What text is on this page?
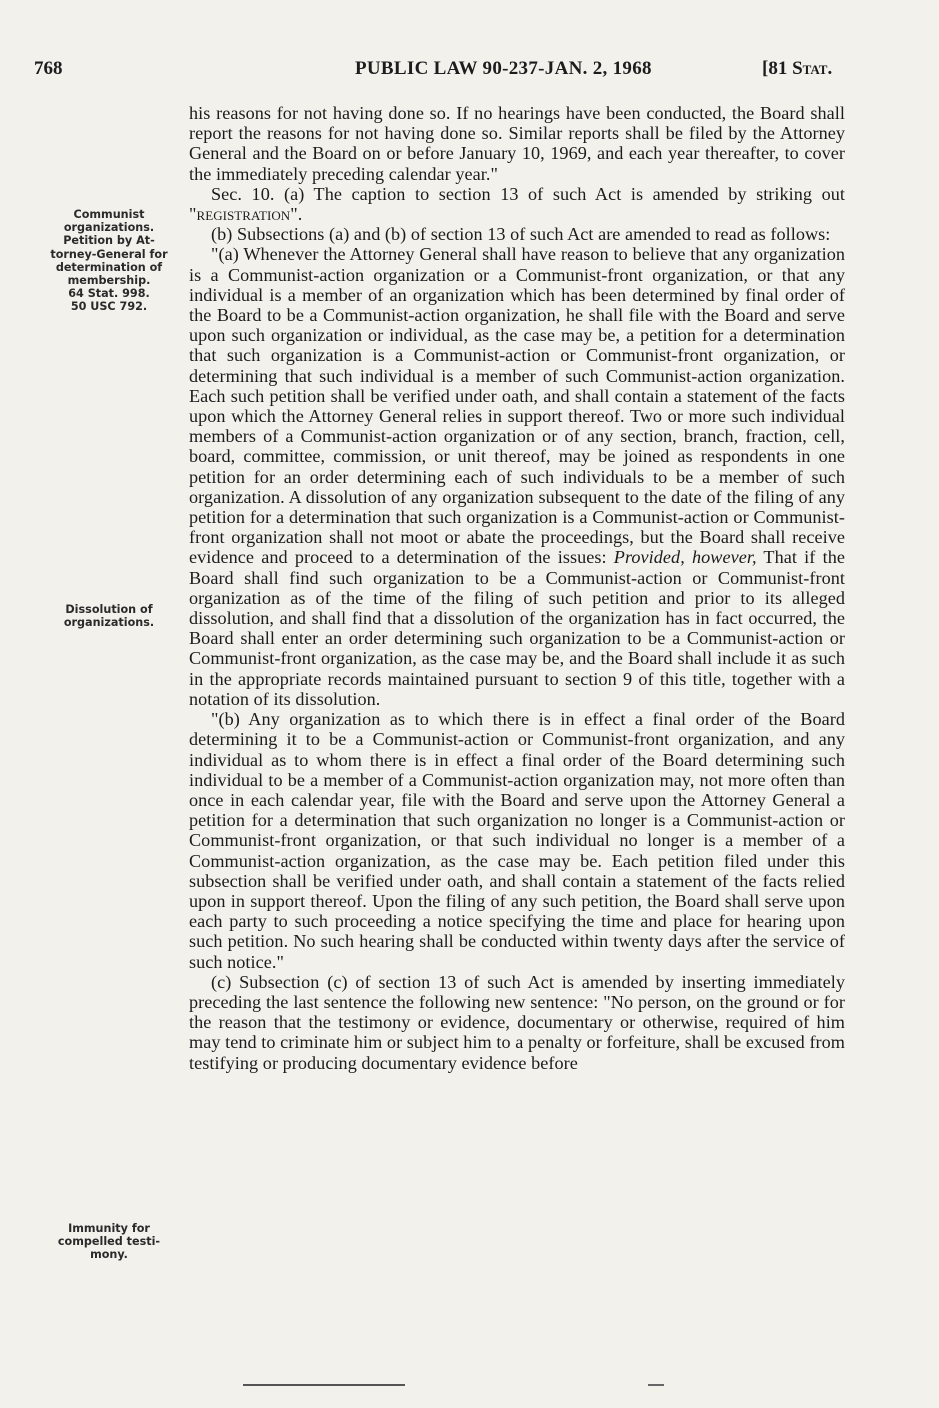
768	PUBLIC LAW 90-237-JAN. 2, 1968	[81 Stat.
Communist
organizations.
Petition by At-
torney-General for
determination of
membership.
64 Stat. 998.
50 USC 792.
Dissolution of
organizations.
Immunity for
compelled testi-
mony.

his reasons for not having done so. If no hearings have been conducted, the Board shall report the reasons for not having done so. Similar reports shall be filed by the Attorney General and the Board on or before January 10, 1969, and each year thereafter, to cover the immediately preceding calendar year."

Sec. 10. (a) The caption to section 13 of such Act is amended by striking out "registration".

(b) Subsections (a) and (b) of section 13 of such Act are amended to read as follows:

"(a) Whenever the Attorney General shall have reason to believe that any organization is a Communist-action organization or a Communist-front organization, or that any individual is a member of an organization which has been determined by final order of the Board to be a Communist-action organization, he shall file with the Board and serve upon such organization or individual, as the case may be, a petition for a determination that such organization is a Communist-action or Communist-front organization, or determining that such individual is a member of such Communist-action organization. Each such petition shall be verified under oath, and shall contain a statement of the facts upon which the Attorney General relies in support thereof. Two or more such individual members of a Communist-action organization or of any section, branch, fraction, cell, board, committee, commission, or unit thereof, may be joined as respondents in one petition for an order determining each of such individuals to be a member of such organization. A dissolution of any organization subsequent to the date of the filing of any petition for a determination that such organization is a Communist-action or Communist-front organization shall not moot or abate the proceedings, but the Board shall receive evidence and proceed to a determination of the issues: Provided, however, That if the Board shall find such organization to be a Communist-action or Communist-front organization as of the time of the filing of such petition and prior to its alleged dissolution, and shall find that a dissolution of the organization has in fact occurred, the Board shall enter an order determining such organization to be a Communist-action or Communist-front organization, as the case may be, and the Board shall include it as such in the appropriate records maintained pursuant to section 9 of this title, together with a notation of its dissolution.

"(b) Any organization as to which there is in effect a final order of the Board determining it to be a Communist-action or Communist-front organization, and any individual as to whom there is in effect a final order of the Board determining such individual to be a member of a Communist-action organization may, not more often than once in each calendar year, file with the Board and serve upon the Attorney General a petition for a determination that such organization no longer is a Communist-action or Communist-front organization, or that such individual no longer is a member of a Communist-action organization, as the case may be. Each petition filed under this subsection shall be verified under oath, and shall contain a statement of the facts relied upon in support thereof. Upon the filing of any such petition, the Board shall serve upon each party to such proceeding a notice specifying the time and place for hearing upon such petition. No such hearing shall be conducted within twenty days after the service of such notice."

(c) Subsection (c) of section 13 of such Act is amended by inserting immediately preceding the last sentence the following new sentence: "No person, on the ground or for the reason that the testimony or evidence, documentary or otherwise, required of him may tend to criminate him or subject him to a penalty or forfeiture, shall be excused from testifying or producing documentary evidence before
